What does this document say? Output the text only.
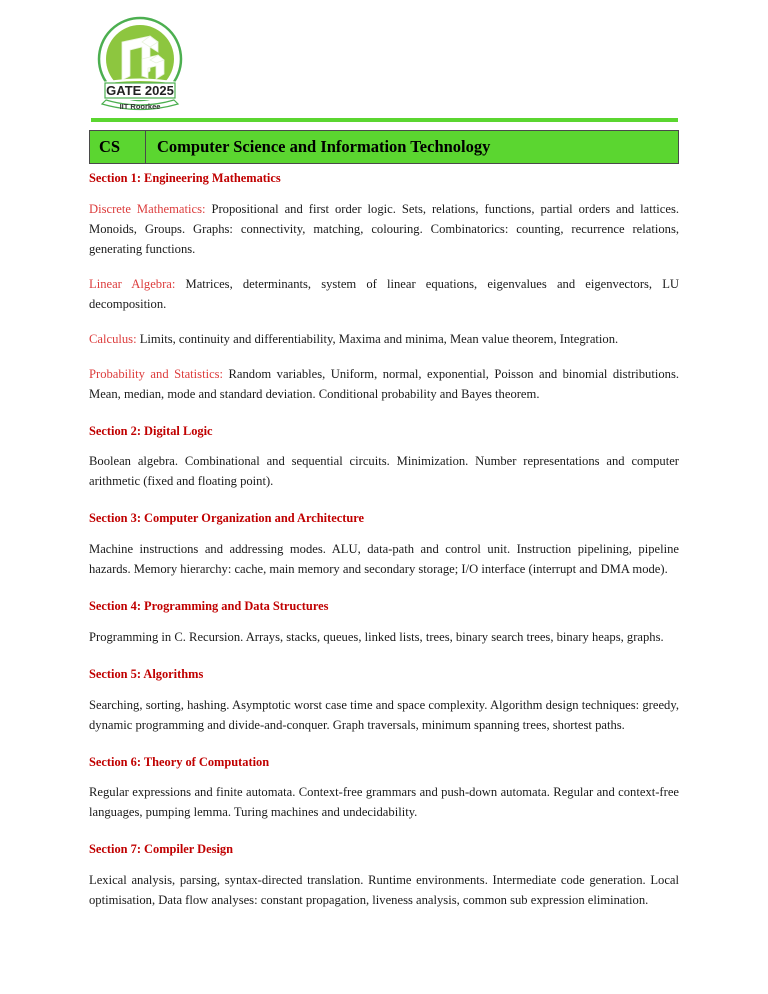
GATE 2025
IIT Roorkee
CS	Computer Science and Information Technology
Section 1: Engineering Mathematics

Discrete Mathematics: Propositional and first order logic. Sets, relations, functions, partial orders and lattices. Monoids, Groups. Graphs: connectivity, matching, colouring. Combinatorics: counting, recurrence relations, generating functions.

Linear Algebra: Matrices, determinants, system of linear equations, eigenvalues and eigenvectors, LU decomposition.

Calculus: Limits, continuity and differentiability, Maxima and minima, Mean value theorem, Integration.

Probability and Statistics: Random variables, Uniform, normal, exponential, Poisson and binomial distributions. Mean, median, mode and standard deviation. Conditional probability and Bayes theorem.

Section 2: Digital Logic

Boolean algebra. Combinational and sequential circuits. Minimization. Number representations and computer arithmetic (fixed and floating point).

Section 3: Computer Organization and Architecture

Machine instructions and addressing modes. ALU, data-path and control unit. Instruction pipelining, pipeline hazards. Memory hierarchy: cache, main memory and secondary storage; I/O interface (interrupt and DMA mode).

Section 4: Programming and Data Structures

Programming in C. Recursion. Arrays, stacks, queues, linked lists, trees, binary search trees, binary heaps, graphs.

Section 5: Algorithms

Searching, sorting, hashing. Asymptotic worst case time and space complexity. Algorithm design techniques: greedy, dynamic programming and divide-and-conquer. Graph traversals, minimum spanning trees, shortest paths.

Section 6: Theory of Computation

Regular expressions and finite automata. Context-free grammars and push-down automata. Regular and context-free languages, pumping lemma. Turing machines and undecidability.

Section 7: Compiler Design

Lexical analysis, parsing, syntax-directed translation. Runtime environments. Intermediate code generation. Local optimisation, Data flow analyses: constant propagation, liveness analysis, common sub expression elimination.
